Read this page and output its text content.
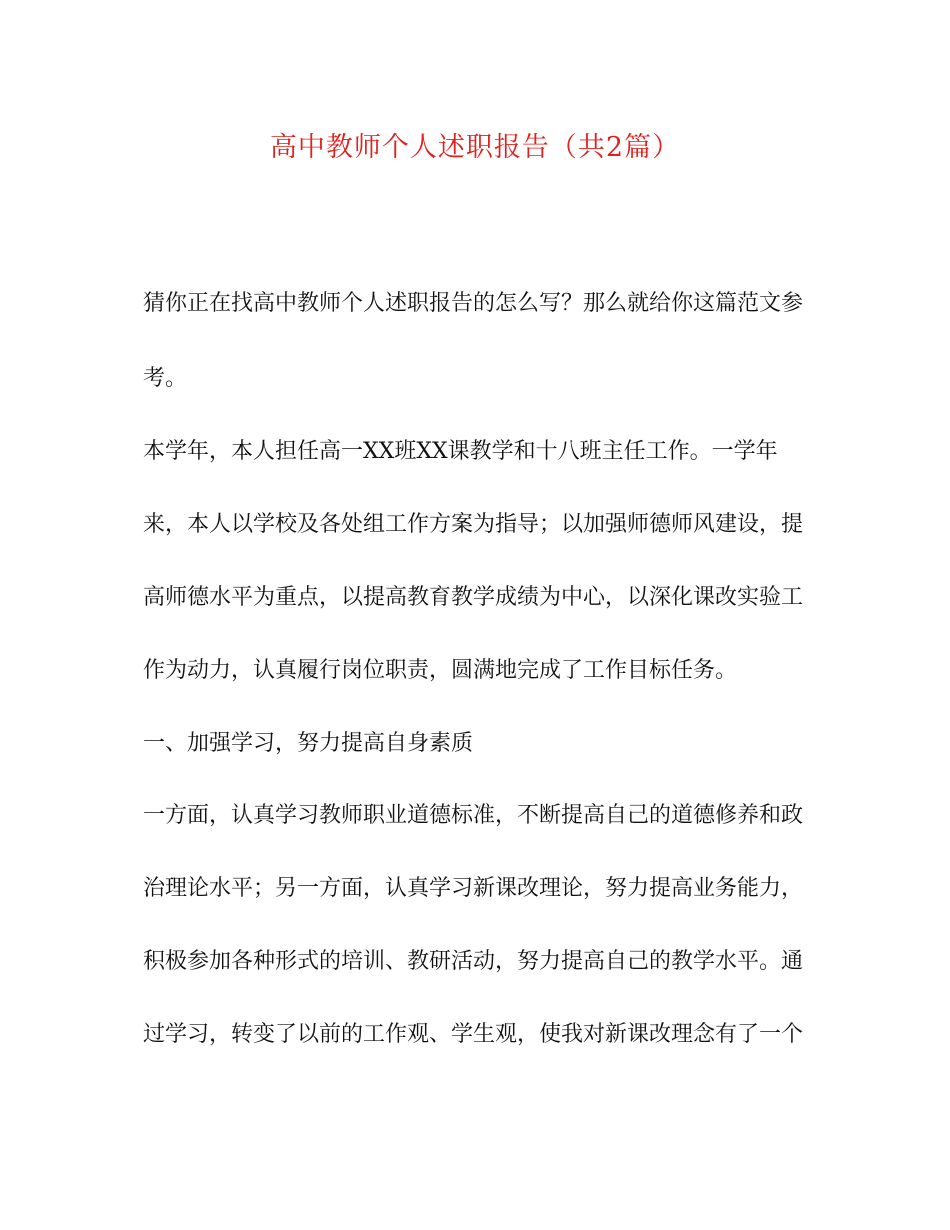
高中教师个人述职报告（共2篇）
猜你正在找高中教师个人述职报告的怎么写？那么就给你这篇范文参
考。
本学年，本人担任高一XX班XX课教学和十八班主任工作。一学年
来，本人以学校及各处组工作方案为指导；以加强师德师风建设，提
高师德水平为重点，以提高教育教学成绩为中心，以深化课改实验工
作为动力，认真履行岗位职责，圆满地完成了工作目标任务。
一、加强学习，努力提高自身素质
一方面，认真学习教师职业道德标准，不断提高自己的道德修养和政
治理论水平；另一方面，认真学习新课改理论，努力提高业务能力，
积极参加各种形式的培训、教研活动，努力提高自己的教学水平。通
过学习，转变了以前的工作观、学生观，使我对新课改理念有了一个
